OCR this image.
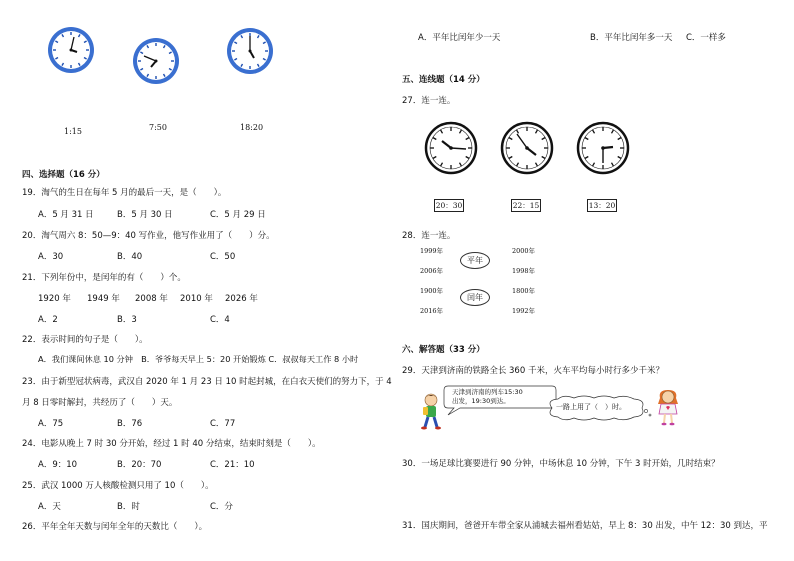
1:15	7:50	18:20
四、选择题（16 分）
19．淘气的生日在每年 5 月的最后一天，是（　　）。
A．5 月 31 日	B．5 月 30 日	C．5 月 29 日
20．淘气周六 8：50—9：40 写作业，他写作业用了（　　）分。
A．30	B．40	C．50
21．下列年份中，是闰年的有（　　）个。
1920 年 1949 年 2008 年 2010 年 2026 年
A．2	B．3	C．4
22．表示时间的句子是（　　）。
A．我们课间休息 10 分钟　B．爷爷每天早上 5：20 开始锻炼 C．叔叔每天工作 8 小时
23．由于新型冠状病毒，武汉自 2020 年 1 月 23 日 10 时起封城，在白衣天使们的努力下，于 4
月 8 日零时解封，共经历了（　　）天。
A．75	B．76	C．77
24．电影从晚上 7 时 30 分开始，经过 1 时 40 分结束，结束时刻是（　　）。
A．9：10	B．20：70	C．21：10
25．武汉 1000 万人核酸检测只用了 10（　　）。
A．天	B．时	C．分
26．平年全年天数与闰年全年的天数比（　　）。
A．平年比闰年少一天	B．平年比闰年多一天 C．一样多
五、连线题（14 分）
27．连一连。
20：30	22：15	13：20
28．连一连。
1999年
2006年
1900年
2016年
平年
闰年
2000年
1998年
1800年
1992年
六、解答题（33 分）
29．天津到济南的铁路全长 360 千米，火车平均每小时行多少千米？
天津到济南的列车15:30
出发，19:30到达。
一路上用了（　）时。
30．一场足球比赛要进行 90 分钟，中场休息 10 分钟，下午 3 时开始，几时结束？
31．国庆期间，爸爸开车带全家从浦城去福州看姑姑，早上 8：30 出发，中午 12：30 到达，平
